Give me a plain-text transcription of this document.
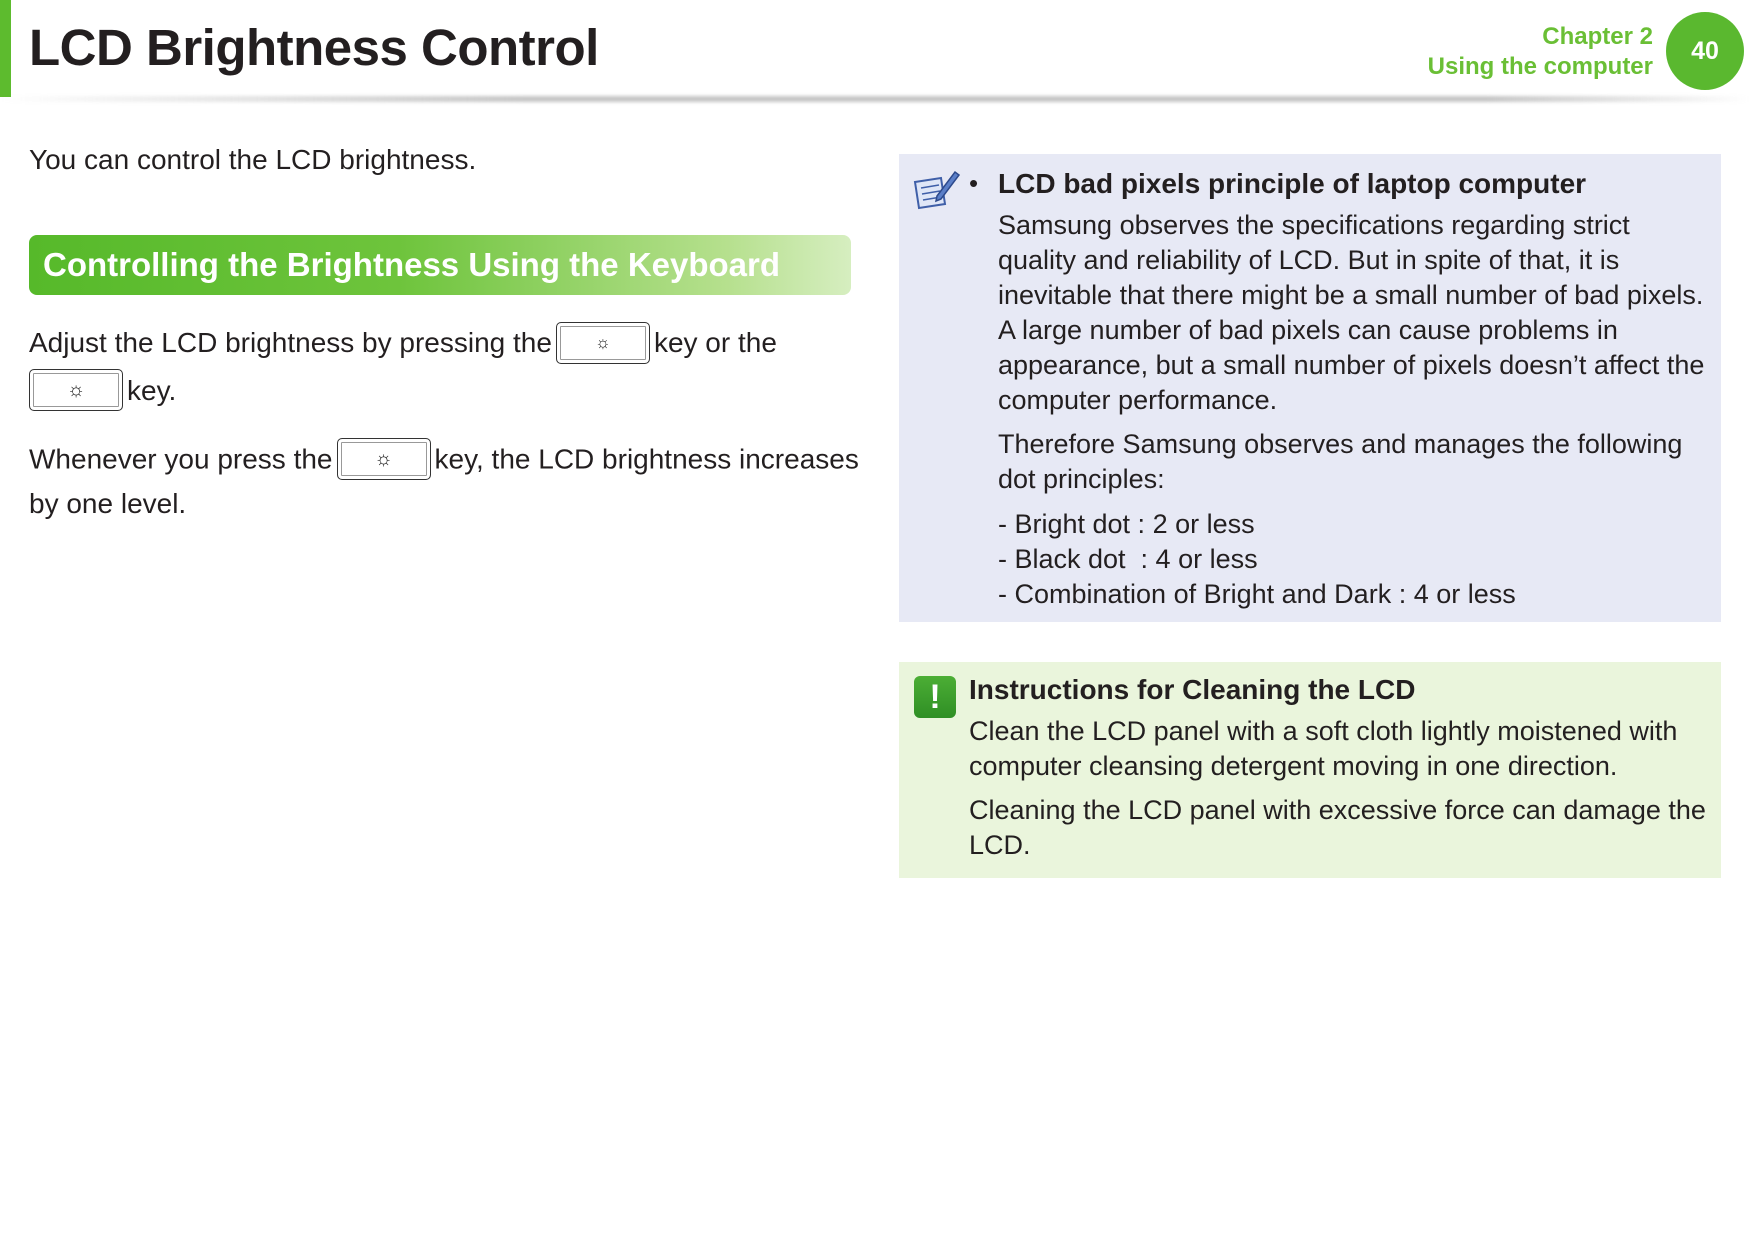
LCD Brightness Control	Chapter 2
Using the computer
40

You can control the LCD brightness.

Controlling the Brightness Using the Keyboard

Adjust the LCD brightness by pressing the	☼	key or the

☼	key.

Whenever you press the	☼	key, the LCD brightness increases by one level.

• LCD bad pixels principle of laptop computer

Samsung observes the specifications regarding strict quality and reliability of LCD. But in spite of that, it is inevitable that there might be a small number of bad pixels. A large number of bad pixels can cause problems in appearance, but a small number of pixels doesn’t affect the computer performance.

Therefore Samsung observes and manages the following dot principles:

- Bright dot : 2 or less
- Black dot  : 4 or less
- Combination of Bright and Dark : 4 or less
!	Instructions for Cleaning the LCD

Clean the LCD panel with a soft cloth lightly moistened with computer cleansing detergent moving in one direction.

Cleaning the LCD panel with excessive force can damage the LCD.
